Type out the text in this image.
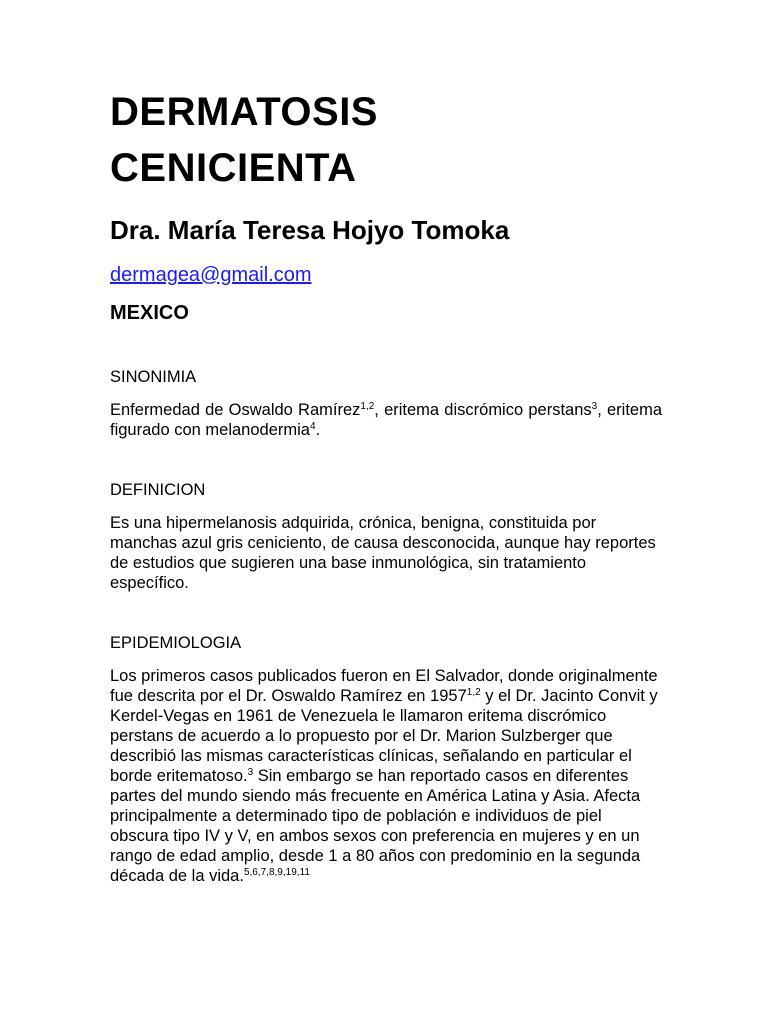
DERMATOSIS
CENICIENTA
Dra. María Teresa Hojyo Tomoka
dermagea@gmail.com
MEXICO
SINONIMIA

Enfermedad de Oswaldo Ramírez$^{1,2}$, eritema discrómico perstans$^3$, eritema figurado con melanodermia$^4$.

DEFINICION

Es una hipermelanosis adquirida, crónica, benigna, constituida por manchas azul gris ceniciento, de causa desconocida, aunque hay reportes de estudios que sugieren una base inmunológica, sin tratamiento específico.

EPIDEMIOLOGIA

Los primeros casos publicados fueron en El Salvador, donde originalmente fue descrita por el Dr. Oswaldo Ramírez en 1957$^{1,2}$ y el Dr. Jacinto Convit y Kerdel-Vegas en 1961 de Venezuela le llamaron eritema discrómico perstans de acuerdo a lo propuesto por el Dr. Marion Sulzberger que describió las mismas características clínicas, señalando en particular el borde eritematoso.$^3$ Sin embargo se han reportado casos en diferentes partes del mundo siendo más frecuente en América Latina y Asia. Afecta principalmente a determinado tipo de población e individuos de piel obscura tipo IV y V, en ambos sexos con preferencia en mujeres y en un rango de edad amplio, desde 1 a 80 años con predominio en la segunda década de la vida.$^{5,6,7,8,9,19,11}$
